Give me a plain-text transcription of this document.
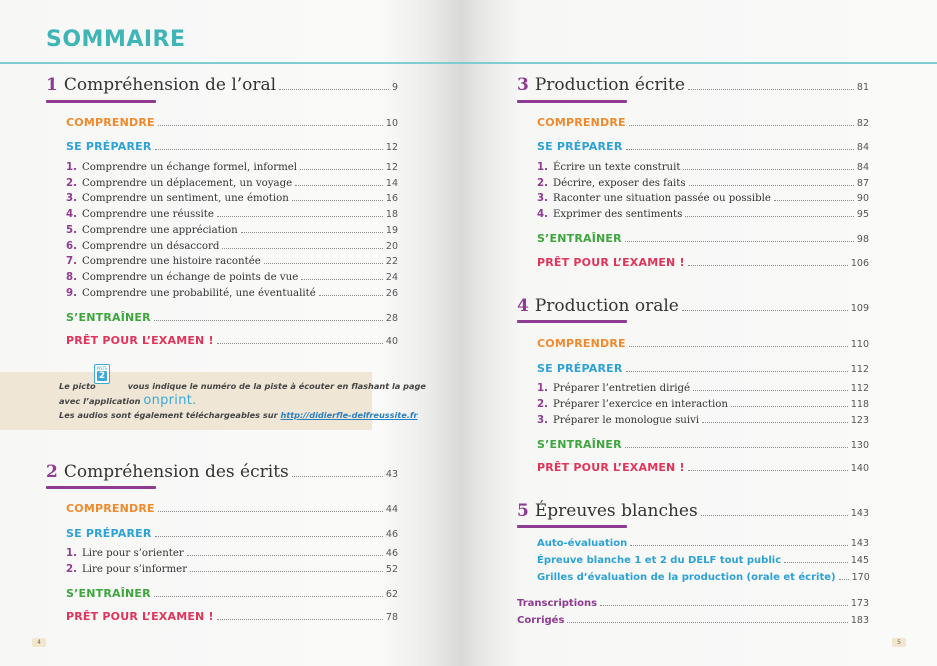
SOMMAIRE
1 Compréhension de l’oral	9
COMPRENDRE	10
SE PRÉPARER	12
1. Comprendre un échange formel, informel	12
2. Comprendre un déplacement, un voyage	14
3. Comprendre un sentiment, une émotion	16
4. Comprendre une réussite	18
5. Comprendre une appréciation	19
6. Comprendre un désaccord	20
7. Comprendre une histoire racontée	22
8. Comprendre un échange de points de vue	24
9. Comprendre une probabilité, une éventualité	26
S’ENTRAÎNER	28
PRÊT POUR L’EXAMEN !	40
PISTE
2
Le picto	vous indique le numéro de la piste à écouter en flashant la page
avec l’application onprint.
Les audios sont également téléchargeables sur http://didierfle-delfreussite.fr
2 Compréhension des écrits	43
COMPRENDRE	44
SE PRÉPARER	46
1. Lire pour s’orienter	46
2. Lire pour s’informer	52
S’ENTRAÎNER	62
PRÊT POUR L’EXAMEN !	78
4
3 Production écrite	81
COMPRENDRE	82
SE PRÉPARER	84
1. Écrire un texte construit	84
2. Décrire, exposer des faits	87
3. Raconter une situation passée ou possible	90
4. Exprimer des sentiments	95
S’ENTRAÎNER	98
PRÊT POUR L’EXAMEN !	106
4 Production orale	109
COMPRENDRE	110
SE PRÉPARER	112
1. Préparer l’entretien dirigé	112
2. Préparer l’exercice en interaction	118
3. Préparer le monologue suivi	123
S’ENTRAÎNER	130
PRÊT POUR L’EXAMEN !	140
5 Épreuves blanches	143
Auto-évaluation	143
Épreuve blanche 1 et 2 du DELF tout public	145
Grilles d’évaluation de la production (orale et écrite) 170
Transcriptions	173
Corrigés	183
5
